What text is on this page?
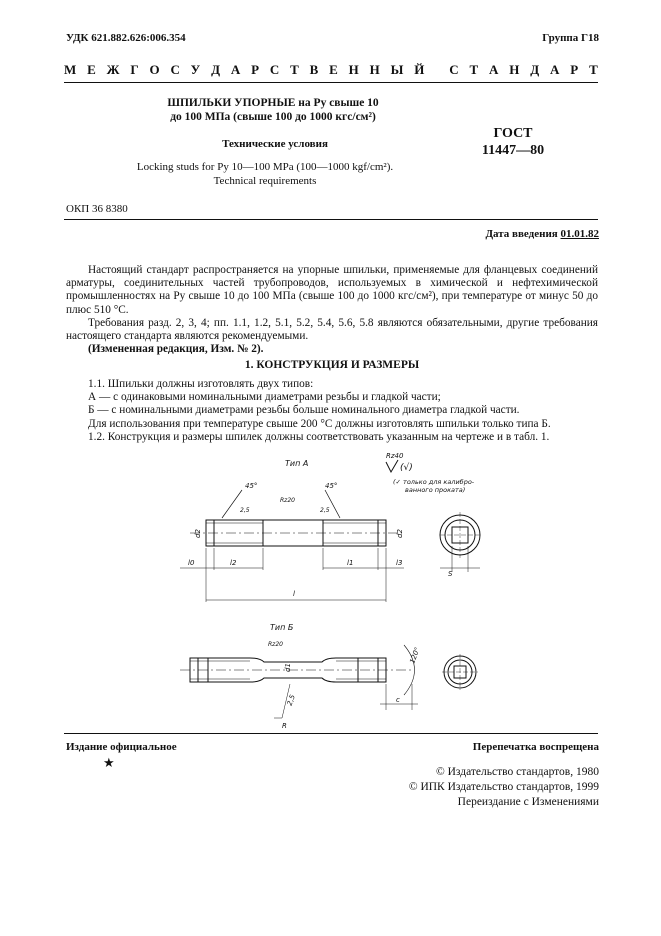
УДК 621.882.626:006.354	Группа Г18
М Е Ж Г О С У Д А Р С Т В Е Н Н Ы Й
С Т А Н Д А Р Т
ШПИЛЬКИ УПОРНЫЕ на Pу свыше 10
до 100 МПа (свыше 100 до 1000 кгс/см²)
Технические условия
Locking studs for Pу 10—100 MPa (100—1000 kgf/cm²).
Technical requirements
ГОСТ
11447—80
ОКП 36 8380
Дата введения 01.01.82

Настоящий стандарт распространяется на упорные шпильки, применяемые для фланцевых соединений арматуры, соединительных частей трубопроводов, используемых в химической и нефтехимической промышленностях на Pу свыше 10 до 100 МПа (свыше 100 до 1000 кгс/см²), при температуре от минус 50 до плюс 510 °С.

Требования разд. 2, 3, 4; пп. 1.1, 1.2, 5.1, 5.2, 5.4, 5.6, 5.8 являются обязательными, другие требования настоящего стандарта являются рекомендуемыми.

(Измененная редакция, Изм. № 2).

1. КОНСТРУКЦИЯ И РАЗМЕРЫ

1.1. Шпильки должны изготовлять двух типов:

А — с одинаковыми номинальными диаметрами резьбы и гладкой части;

Б — с номинальными диаметрами резьбы больше номинального диаметра гладкой части.

Для использования при температуре свыше 200 °С должны изготовлять шпильки только типа Б.

1.2. Конструкция и размеры шпилек должны соответствовать указанным на чертеже и в табл. 1.

Тип А
Rz40
(√)
(✓ только для калибро- ванного проката)
45°	45°
Rz20
2,5	2,5
d2	d2
l0	l2	l1	l3
l
S
Тип Б
Rz20
d1
120°
c
2,5
R
Издание официальное
★
Перепечатка воспрещена
© Издательство стандартов, 1980
© ИПК Издательство стандартов, 1999
Переиздание с Изменениями
